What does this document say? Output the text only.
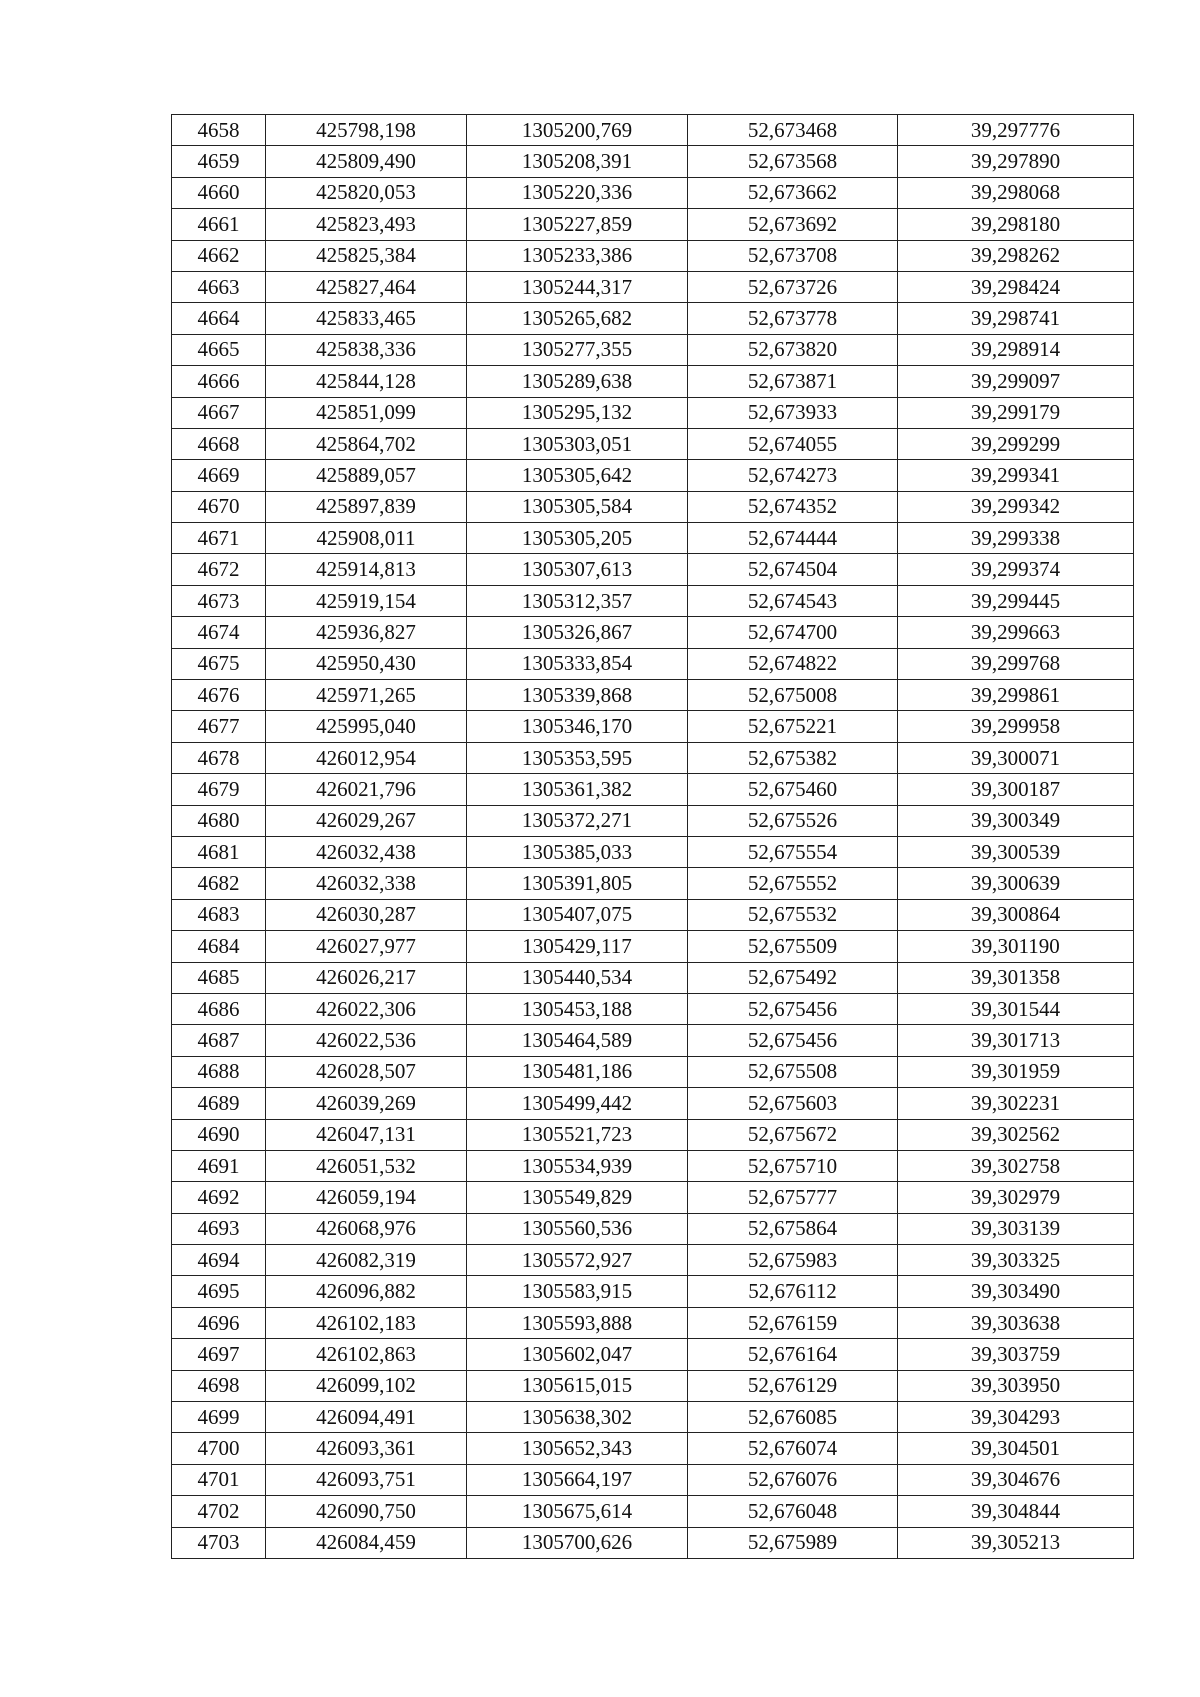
4658	425798,198	1305200,769	52,673468	39,297776
4659	425809,490	1305208,391	52,673568	39,297890
4660	425820,053	1305220,336	52,673662	39,298068
4661	425823,493	1305227,859	52,673692	39,298180
4662	425825,384	1305233,386	52,673708	39,298262
4663	425827,464	1305244,317	52,673726	39,298424
4664	425833,465	1305265,682	52,673778	39,298741
4665	425838,336	1305277,355	52,673820	39,298914
4666	425844,128	1305289,638	52,673871	39,299097
4667	425851,099	1305295,132	52,673933	39,299179
4668	425864,702	1305303,051	52,674055	39,299299
4669	425889,057	1305305,642	52,674273	39,299341
4670	425897,839	1305305,584	52,674352	39,299342
4671	425908,011	1305305,205	52,674444	39,299338
4672	425914,813	1305307,613	52,674504	39,299374
4673	425919,154	1305312,357	52,674543	39,299445
4674	425936,827	1305326,867	52,674700	39,299663
4675	425950,430	1305333,854	52,674822	39,299768
4676	425971,265	1305339,868	52,675008	39,299861
4677	425995,040	1305346,170	52,675221	39,299958
4678	426012,954	1305353,595	52,675382	39,300071
4679	426021,796	1305361,382	52,675460	39,300187
4680	426029,267	1305372,271	52,675526	39,300349
4681	426032,438	1305385,033	52,675554	39,300539
4682	426032,338	1305391,805	52,675552	39,300639
4683	426030,287	1305407,075	52,675532	39,300864
4684	426027,977	1305429,117	52,675509	39,301190
4685	426026,217	1305440,534	52,675492	39,301358
4686	426022,306	1305453,188	52,675456	39,301544
4687	426022,536	1305464,589	52,675456	39,301713
4688	426028,507	1305481,186	52,675508	39,301959
4689	426039,269	1305499,442	52,675603	39,302231
4690	426047,131	1305521,723	52,675672	39,302562
4691	426051,532	1305534,939	52,675710	39,302758
4692	426059,194	1305549,829	52,675777	39,302979
4693	426068,976	1305560,536	52,675864	39,303139
4694	426082,319	1305572,927	52,675983	39,303325
4695	426096,882	1305583,915	52,676112	39,303490
4696	426102,183	1305593,888	52,676159	39,303638
4697	426102,863	1305602,047	52,676164	39,303759
4698	426099,102	1305615,015	52,676129	39,303950
4699	426094,491	1305638,302	52,676085	39,304293
4700	426093,361	1305652,343	52,676074	39,304501
4701	426093,751	1305664,197	52,676076	39,304676
4702	426090,750	1305675,614	52,676048	39,304844
4703	426084,459	1305700,626	52,675989	39,305213
